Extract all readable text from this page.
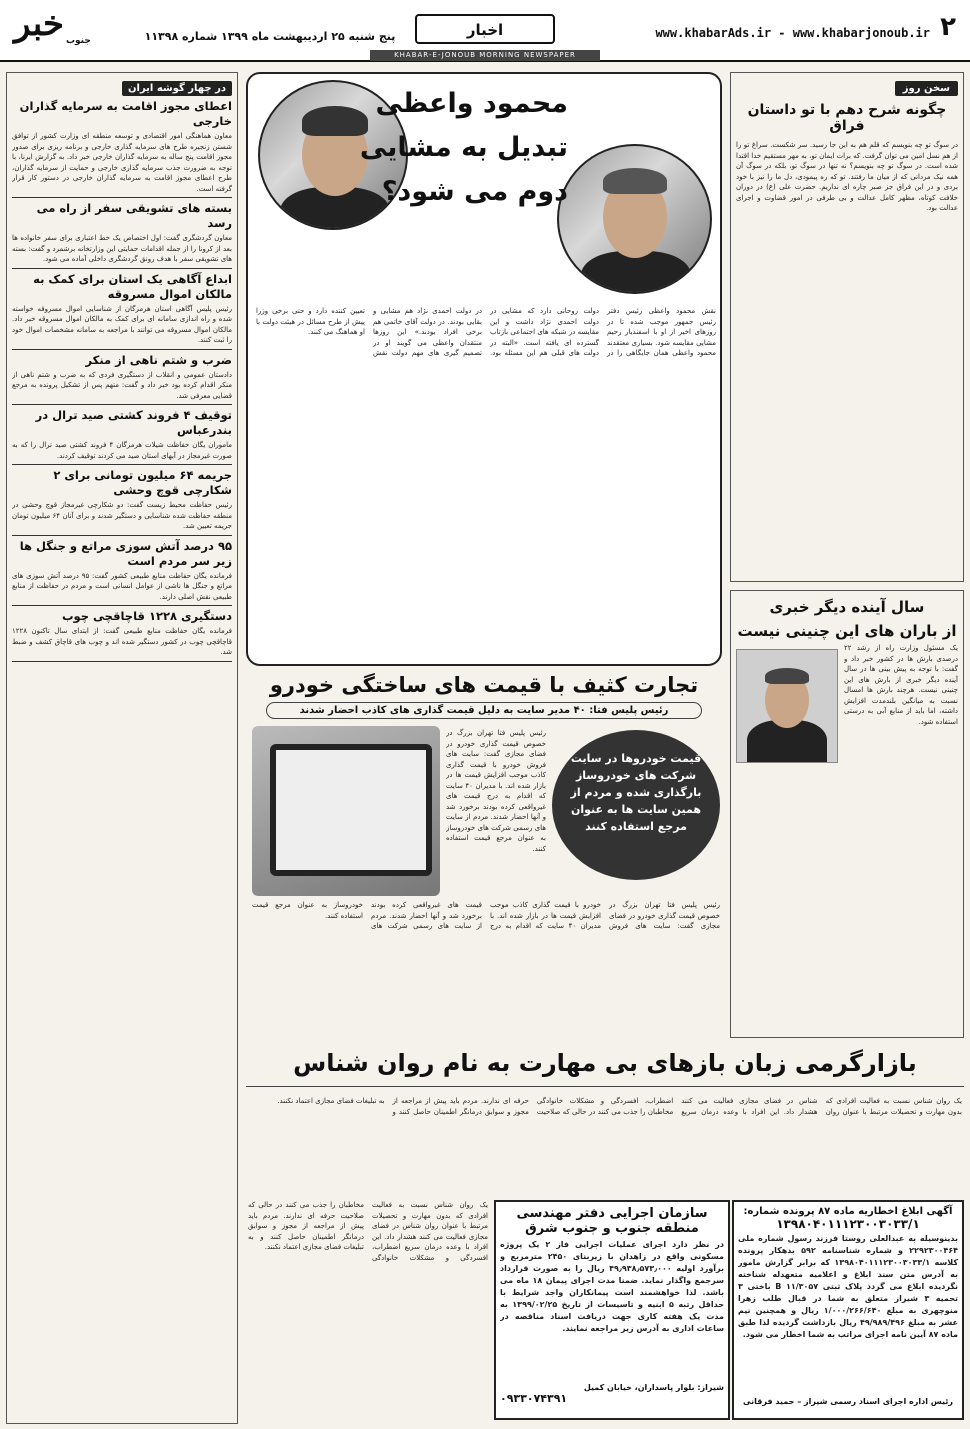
۲
www.khabarAds.ir - www.khabarjonoub.ir
اخبار
پنج شنبه ۲۵ اردیبهشت ماه ۱۳۹۹ شماره ۱۱۳۹۸
خبر جنوب
KHABAR-E-JONOUB MORNING NEWSPAPER
در چهار گوشه ایران
اعطای مجوز اقامت به سرمایه گذاران خارجی
معاون هماهنگی امور اقتصادی و توسعه منطقه ای وزارت کشور از توافق شستن زنجیره طرح های سرمایه گذاری خارجی و برنامه ریزی برای صدور مجوز اقامت پنج ساله به سرمایه گذاران خارجی خبر داد. به گزارش ایرنا، با توجه به ضرورت جذب سرمایه گذاری خارجی و حمایت از سرمایه گذاران، طرح اعطای مجوز اقامت به سرمایه گذاران خارجی در دستور کار قرار گرفته است.
بسته های تشویقی سفر از راه می رسد
معاون گردشگری گفت: اول اختصاص یک خط اعتباری برای سفر خانواده ها بعد از کرونا را از جمله اقدامات حمایتی این وزارتخانه برشمرد و گفت: بسته های تشویقی سفر با هدف رونق گردشگری داخلی آماده می شود.
ابداع آگاهی یک استان برای کمک به مالکان اموال مسروقه
رئیس پلیس آگاهی استان هرمزگان از شناسایی اموال مسروقه خواسته شده و راه اندازی سامانه ای برای کمک به مالکان اموال مسروقه خبر داد. مالکان اموال مسروقه می توانند با مراجعه به سامانه مشخصات اموال خود را ثبت کنند.
ضرب و شتم ناهی از منکر
دادستان عمومی و انقلاب از دستگیری فردی که به ضرب و شتم ناهی از منکر اقدام کرده بود خبر داد و گفت: متهم پس از تشکیل پرونده به مرجع قضایی معرفی شد.
توقیف ۴ فروند کشتی صید ترال در بندرعباس
ماموران یگان حفاظت شیلات هرمزگان ۴ فروند کشتی صید ترال را که به صورت غیرمجاز در آبهای استان صید می کردند توقیف کردند.
جریمه ۶۴ میلیون تومانی برای ۲ شکارچی قوچ وحشی
رئیس حفاظت محیط زیست گفت: دو شکارچی غیرمجاز قوچ وحشی در منطقه حفاظت شده شناسایی و دستگیر شدند و برای آنان ۶۴ میلیون تومان جریمه تعیین شد.
۹۵ درصد آتش سوزی مراتع و جنگل ها زیر سر مردم است
فرمانده یگان حفاظت منابع طبیعی کشور گفت: ۹۵ درصد آتش سوزی های مراتع و جنگل ها ناشی از عوامل انسانی است و مردم در حفاظت از منابع طبیعی نقش اصلی دارند.
دستگیری ۱۲۲۸ قاچاقچی چوب
فرمانده یگان حفاظت منابع طبیعی گفت: از ابتدای سال تاکنون ۱۲۲۸ قاچاقچی چوب در کشور دستگیر شده اند و چوب های قاچاق کشف و ضبط شد.
محمود واعظی
تبدیل به مشایی
دوم می شود؟
نقش محمود واعظی رئیس دفتر رئیس جمهور موجب شده تا در روزهای اخیر از او با اسفندیار رحیم مشایی مقایسه شود. بسیاری معتقدند محمود واعظی همان جایگاهی را در دولت روحانی دارد که مشایی در دولت احمدی نژاد داشت و این مقایسه در شبکه های اجتماعی بازتاب گسترده ای یافته است. «البته در دولت های قبلی هم این مسئله بود. در دولت احمدی نژاد هم مشایی و بقایی بودند. در دولت آقای خاتمی هم برخی افراد بودند.» این روزها منتقدان واعظی می گویند او در تصمیم گیری های مهم دولت نقش تعیین کننده دارد و حتی برخی وزرا پیش از طرح مسائل در هیئت دولت با او هماهنگ می کنند.
سخن روز
چگونه شرح دهم با تو داستان فراق
در سوگ تو چه بنویسم که قلم هم به این جا رسید. سر شکست. سراغ تو را از هم نسل امین می توان گرفت. که برات ایمان تو، به مهر مستقیم خدا اقتدا شده است. در سوگ تو چه بنویسم؟ نه تنها در سوگ تو، بلکه در سوگ آن همه نیک مردانی که از میان ما رفتند. تو که ره پیمودی، دل ما را نیز با خود بردی و در این فراق جز صبر چاره ای نداریم. حضرت علی (ع) در دوران خلافت کوتاه، مظهر کامل عدالت و بی طرفی در امور قضاوت و اجرای عدالت بود.
سال آینده دیگر خبری
از باران های این چنینی نیست
یک مسئول وزارت راه از رشد ۲۲ درصدی بارش ها در کشور خبر داد و گفت: با توجه به پیش بینی ها در سال آینده دیگر خبری از بارش های این چنینی نیست. هرچند بارش ها امسال نسبت به میانگین بلندمدت افزایش داشته، اما باید از منابع آبی به درستی استفاده شود.
تجارت کثیف با قیمت های ساختگی خودرو
رئیس پلیس فتا: ۴۰ مدیر سایت به دلیل قیمت گذاری های کاذب احضار شدند
قیمت خودروها در سایت شرکت های خودروساز بارگذاری شده و مردم از همین سایت ها به عنوان مرجع استفاده کنند
رئیس پلیس فتا تهران بزرگ در خصوص قیمت گذاری خودرو در فضای مجازی گفت: سایت های فروش خودرو با قیمت گذاری کاذب موجب افزایش قیمت ها در بازار شده اند. با مدیران ۴۰ سایت که اقدام به درج قیمت های غیرواقعی کرده بودند برخورد شد و آنها احضار شدند. مردم از سایت های رسمی شرکت های خودروساز به عنوان مرجع قیمت استفاده کنند.
رئیس پلیس فتا تهران بزرگ در خصوص قیمت گذاری خودرو در فضای مجازی گفت: سایت های فروش خودرو با قیمت گذاری کاذب موجب افزایش قیمت ها در بازار شده اند. با مدیران ۴۰ سایت که اقدام به درج قیمت های غیرواقعی کرده بودند برخورد شد و آنها احضار شدند. مردم از سایت های رسمی شرکت های خودروساز به عنوان مرجع قیمت استفاده کنند.
بازارگرمی زبان بازهای بی مهارت به نام روان شناس
یک روان شناس نسبت به فعالیت افرادی که بدون مهارت و تحصیلات مرتبط با عنوان روان شناس در فضای مجازی فعالیت می کنند هشدار داد. این افراد با وعده درمان سریع اضطراب، افسردگی و مشکلات خانوادگی مخاطبان را جذب می کنند در حالی که صلاحیت حرفه ای ندارند. مردم باید پیش از مراجعه از مجوز و سوابق درمانگر اطمینان حاصل کنند و به تبلیغات فضای مجازی اعتماد نکنند.
سازمان اجرایی دفتر مهندسی
منطقه جنوب و جنوب شرق
در نظر دارد اجرای عملیات اجرایی فاز ۲ یک پروژه مسکونی واقع در زاهدان با زیربنای ۲۴۵۰ مترمربع و برآورد اولیه ۴۹٫۹۳۸٫۵۷۳٫۰۰۰ ریال را به صورت قرارداد سرجمع واگذار نماید. ضمنا مدت اجرای پیمان ۱۸ ماه می باشد. لذا خواهشمند است پیمانکاران واجد شرایط با حداقل رتبه ۵ ابنیه و تاسیسات از تاریخ ۱۳۹۹/۰۲/۲۵ به مدت یک هفته کاری جهت دریافت اسناد مناقصه در ساعات اداری به آدرس زیر مراجعه نمایند.
شیراز: بلوار پاسداران، خیابان کمیل
۰۹۳۳۰۷۴۳۹۱
آگهی ابلاغ اخطاریه ماده ۸۷ پرونده شماره:
۱۳۹۸۰۴۰۱۱۱۲۳۰۰۳۰۳۳/۱
بدینوسیله به عبدالعلی روستا فرزند رسول شماره ملی ۲۲۹۲۳۰۰۴۶۴ و شماره شناسنامه ۵۹۲ بدهکار پرونده کلاسه ۱۳۹۸۰۴۰۱۱۱۲۳۰۰۳۰۳۳/۱ که برابر گزارش مامور به آدرس متن سند ابلاغ و اعلامیه متعهدله شناخته نگردیده ابلاغ می گردد پلاک ثبتی ۱۱/۳۰۵۷ B باختی ۳ تحمیه ۳ شیراز متعلق به شما در قبال طلب زهرا منوچهری به مبلغ ۱/۰۰۰/۲۶۶/۶۴۰ ریال و همچنین نیم عشر به مبلغ ۴۹/۹۸۹/۴۹۶ ریال بازداشت گردیده لذا طبق ماده ۸۷ آیین نامه اجرای مراتب به شما اخطار می شود.
رئیس اداره اجرای اسناد رسمی شیراز – حمید فرقانی
یک روان شناس نسبت به فعالیت افرادی که بدون مهارت و تحصیلات مرتبط با عنوان روان شناس در فضای مجازی فعالیت می کنند هشدار داد. این افراد با وعده درمان سریع اضطراب، افسردگی و مشکلات خانوادگی مخاطبان را جذب می کنند در حالی که صلاحیت حرفه ای ندارند. مردم باید پیش از مراجعه از مجوز و سوابق درمانگر اطمینان حاصل کنند و به تبلیغات فضای مجازی اعتماد نکنند.
